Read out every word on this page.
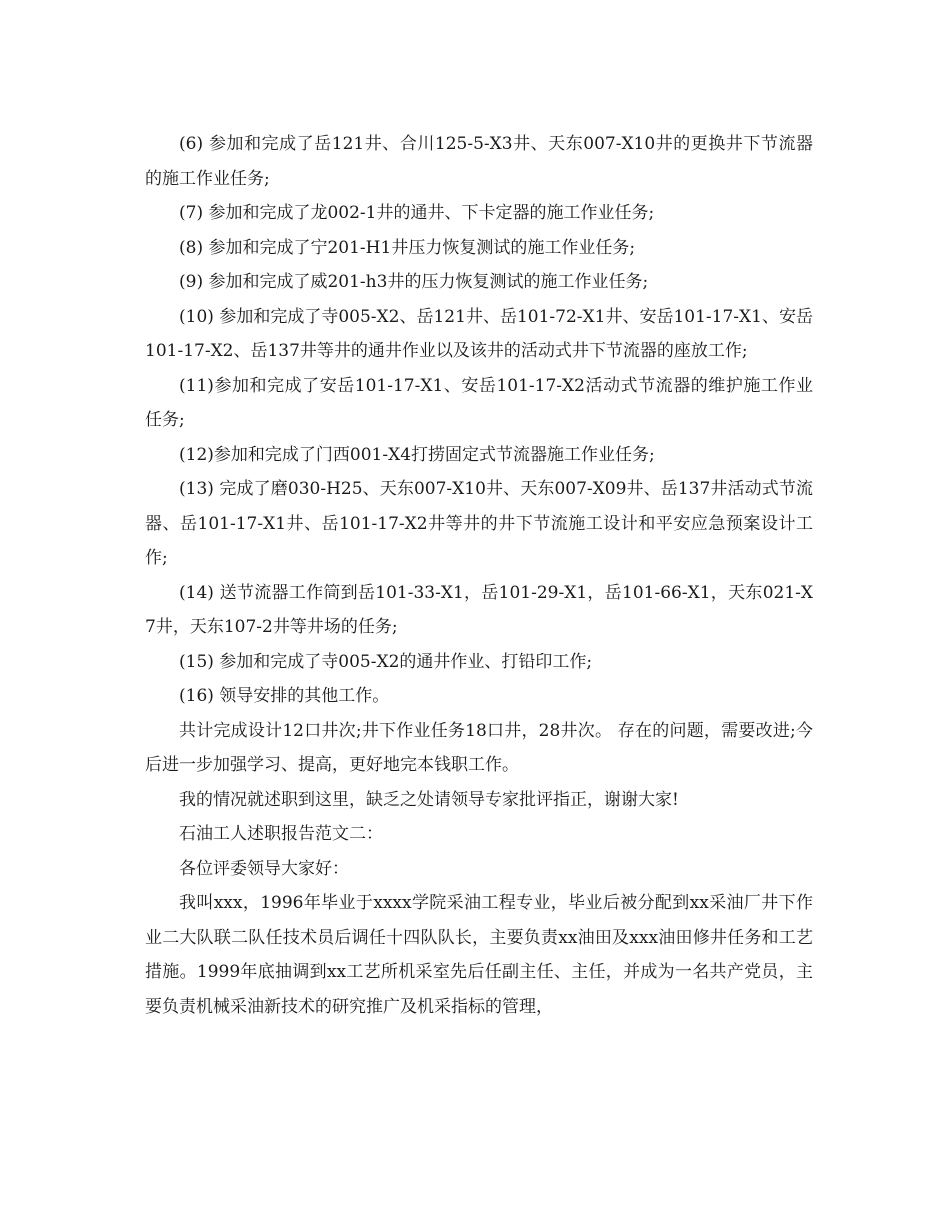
(6) 参加和完成了岳121井、合川125-5-X3井、天东007-X10井的更换井下节流器的施工作业任务;

(7) 参加和完成了龙002-1井的通井、下卡定器的施工作业任务;

(8) 参加和完成了宁201-H1井压力恢复测试的施工作业任务;

(9) 参加和完成了威201-h3井的压力恢复测试的施工作业任务;

(10) 参加和完成了寺005-X2、岳121井、岳101-72-X1井、安岳101-17-X1、安岳101-17-X2、岳137井等井的通井作业以及该井的活动式井下节流器的座放工作;

(11)参加和完成了安岳101-17-X1、安岳101-17-X2活动式节流器的维护施工作业任务;

(12)参加和完成了门西001-X4打捞固定式节流器施工作业任务;

(13) 完成了磨030-H25、天东007-X10井、天东007-X09井、岳137井活动式节流器、岳101-17-X1井、岳101-17-X2井等井的井下节流施工设计和平安应急预案设计工作;

(14) 送节流器工作筒到岳101-33-X1，岳101-29-X1，岳101-66-X1，天东021-X7井，天东107-2井等井场的任务;

(15) 参加和完成了寺005-X2的通井作业、打铅印工作;

(16) 领导安排的其他工作。

共计完成设计12口井次;井下作业任务18口井，28井次。 存在的问题，需要改进;今后进一步加强学习、提高，更好地完本钱职工作。

我的情况就述职到这里，缺乏之处请领导专家批评指正，谢谢大家!

石油工人述职报告范文二：

各位评委领导大家好：

我叫xxx，1996年毕业于xxxx学院采油工程专业，毕业后被分配到xx采油厂井下作业二大队联二队任技术员后调任十四队队长，主要负责xx油田及xxx油田修井任务和工艺措施。1999年底抽调到xx工艺所机采室先后任副主任、主任，并成为一名共产党员，主要负责机械采油新技术的研究推广及机采指标的管理，
